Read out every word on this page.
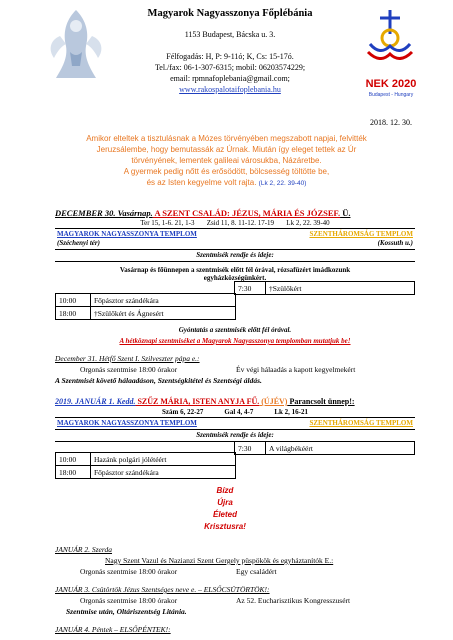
Magyarok Nagyasszonya Főplébánia
1153 Budapest, Bácska u. 3.
Félfogadás: H, P: 9-11ó; K, Cs: 15-17ó.
Tel./fax: 06-1-307-6315; mobil: 06203574229;
email: rpmnafoplebania@gmail.com;
www.rakospalotaifoplebania.hu	NEK 2020
Budapest - Hungary
2018. 12. 30.
Amikor elteltek a tisztulásnak a Mózes törvényében megszabott napjai, felvitték
Jeruzsálembe, hogy bemutassák az Úrnak. Miután így eleget tettek az Úr
törvényének, lementek galileai városukba, Názáretbe.
A gyermek pedig nőtt és erősödött, bölcsesség töltötte be,
és az Isten kegyelme volt rajta. (Lk 2, 22. 39-40)
DECEMBER 30. Vasárnap. A SZENT CSALÁD: JÉZUS, MÁRIA ÉS JÓZSEF. Ü.
Ter 15, 1-6. 21, 1-3       Zsid 11, 8. 11-12. 17-19       Lk 2, 22. 39-40
MAGYAROK NAGYASSZONYA TEMPLOM
(Széchenyi tér)
SZENTHÁROMSÁG TEMPLOM
(Kossuth u.)
Szentmisék rendje és ideje:
Vasárnap és főünnepen a szentmisék előtt fél órával, rózsafüzért imádkozunk
egyházközségünkért.
7:30	†Szülőkért
10:00	Főpásztor szándékára
18:00	†Szülőkért és Ágnesért
Gyóntatás a szentmisék előtt fél órával.
A hétköznapi szentmiséket a Magyarok Nagyasszonya templomban mutatjuk be!
December 31. Hétfő Szent I. Szilveszter pápa e.:
Orgonás szentmise 18:00 órakor	Év végi hálaadás a kapott kegyelmekért
A Szentmisét követő hálaadáson, Szentségkitétel és Szentségi áldás.
2019. JANUÁR 1. Kedd. SZŰZ MÁRIA, ISTEN ANYJA FŰ. (ÚJÉV) Parancsolt ünnep!:
Szám 6, 22-27            Gal 4, 4-7            Lk 2, 16-21
MAGYAROK NAGYASSZONYA TEMPLOM	SZENTHÁROMSÁG TEMPLOM
Szentmisék rendje és ideje:
7:30	A világbékéért
10:00	Hazánk polgári jólétéért
18:00	Főpásztor szándékára
Bízd
Újra
Életed
Krisztusra!
JANUÁR 2. Szerda
Nagy Szent Vazul és Nazianzi Szent Gergely püspökök és egyháztanítók E.:
Orgonás szentmise 18:00 órakor	Egy családért
JANUÁR 3. Csütörtök Jézus Szentséges neve e. – ELSŐCSÜTÖRTÖK!:
Orgonás szentmise 18:00 órakor	Az 52. Eucharisztikus Kongresszusért
Szentmise után, Oltáriszentség Litánia.
JANUÁR 4. Péntek – ELSŐPÉNTEK!:
